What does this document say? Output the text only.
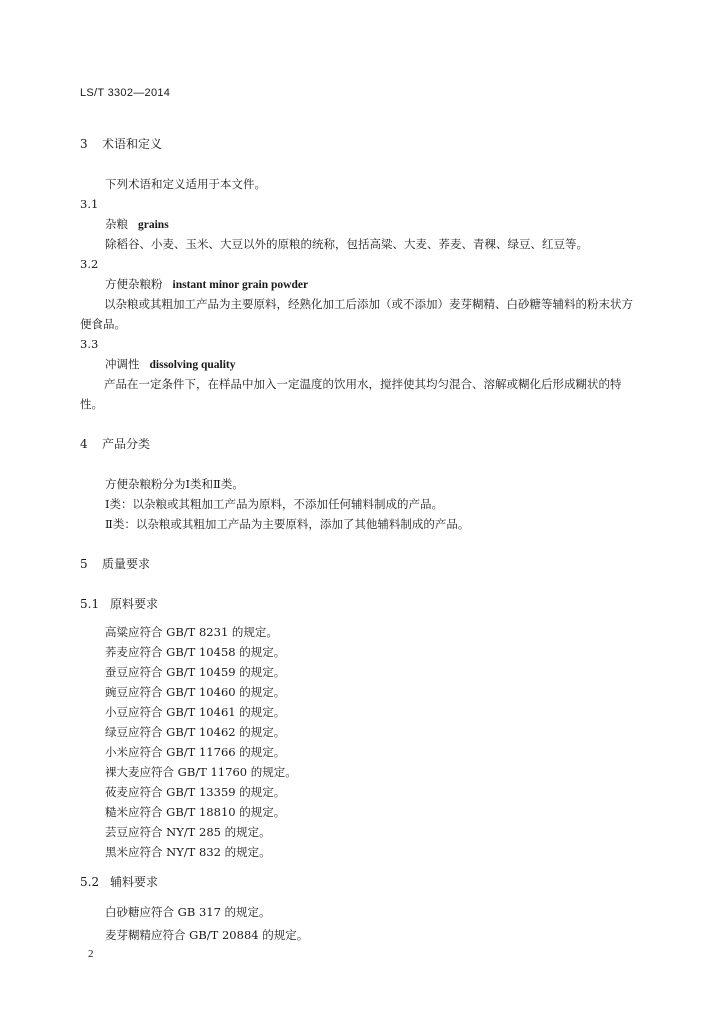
LS/T 3302—2014
3 术语和定义
下列术语和定义适用于本文件。
3.1
杂粮 grains
除稻谷、小麦、玉米、大豆以外的原粮的统称，包括高粱、大麦、荞麦、青稞、绿豆、红豆等。
3.2
方便杂粮粉 instant minor grain powder
以杂粮或其粗加工产品为主要原料，经熟化加工后添加（或不添加）麦芽糊精、白砂糖等辅料的粉末状方便食品。
3.3
冲调性 dissolving quality
产品在一定条件下，在样品中加入一定温度的饮用水，搅拌使其均匀混合、溶解或糊化后形成糊状的特性。
4 产品分类
方便杂粮粉分为Ⅰ类和Ⅱ类。
Ⅰ类：以杂粮或其粗加工产品为原料，不添加任何辅料制成的产品。
Ⅱ类：以杂粮或其粗加工产品为主要原料，添加了其他辅料制成的产品。
5 质量要求
5.1 原料要求
高粱应符合 GB/T 8231 的规定。
荞麦应符合 GB/T 10458 的规定。
蚕豆应符合 GB/T 10459 的规定。
豌豆应符合 GB/T 10460 的规定。
小豆应符合 GB/T 10461 的规定。
绿豆应符合 GB/T 10462 的规定。
小米应符合 GB/T 11766 的规定。
裸大麦应符合 GB/T 11760 的规定。
莜麦应符合 GB/T 13359 的规定。
糙米应符合 GB/T 18810 的规定。
芸豆应符合 NY/T 285 的规定。
黑米应符合 NY/T 832 的规定。
5.2 辅料要求
白砂糖应符合 GB 317 的规定。
麦芽糊精应符合 GB/T 20884 的规定。
2
